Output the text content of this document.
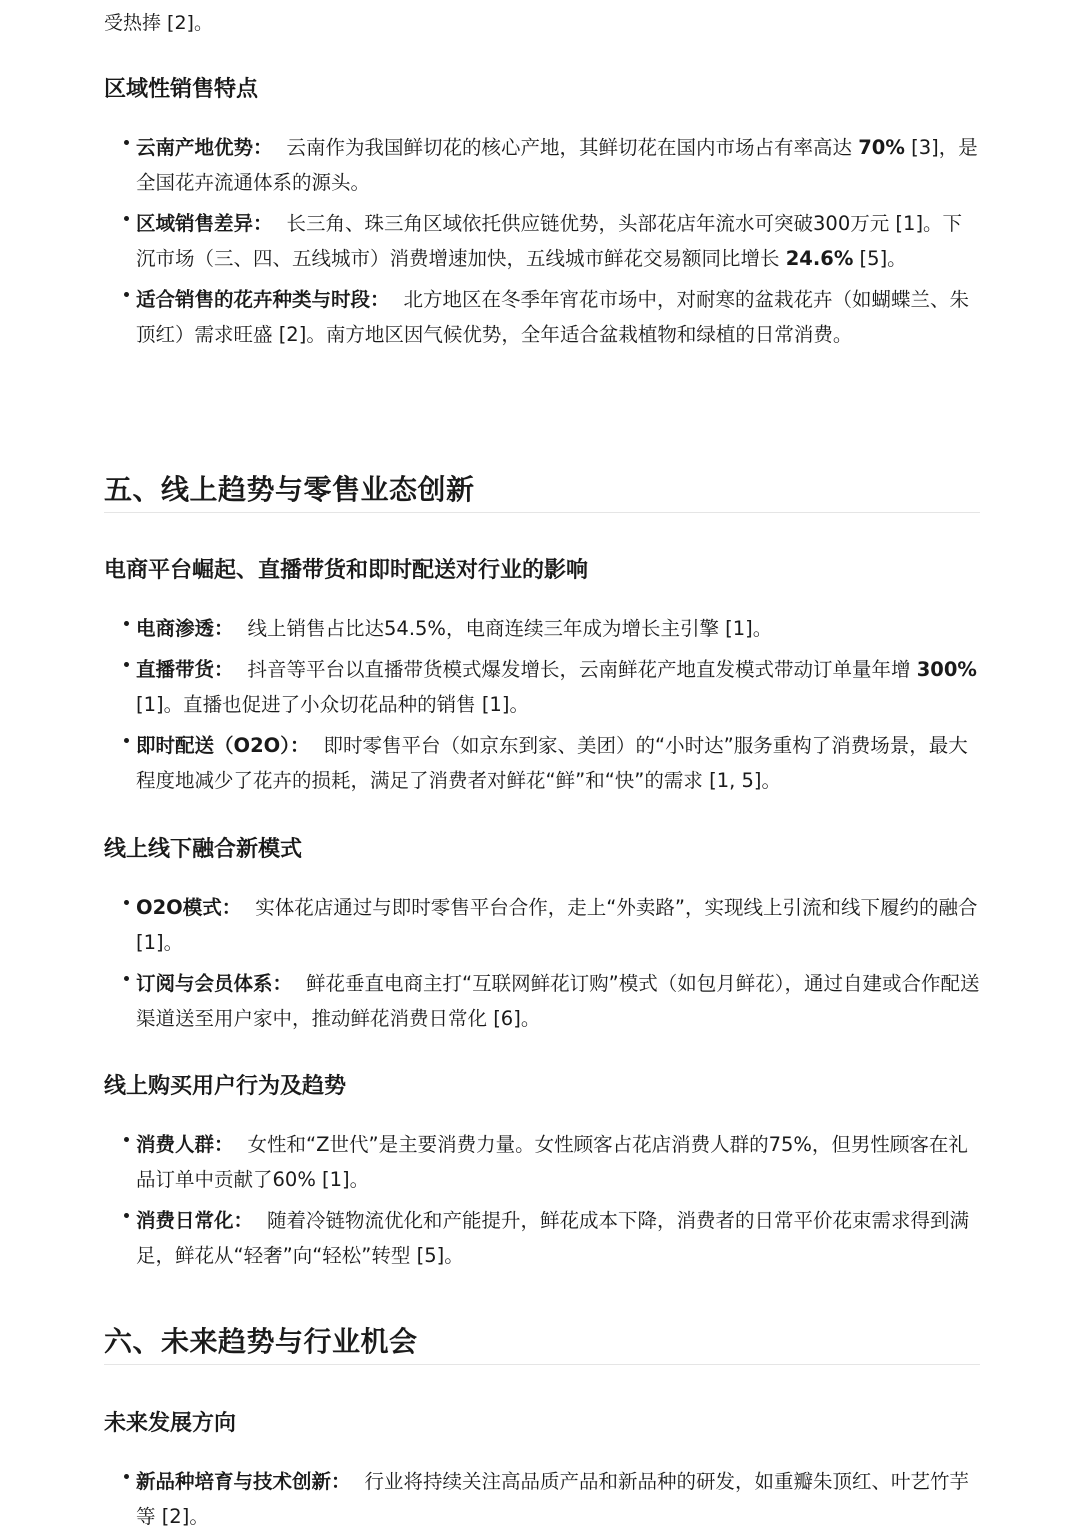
受热捧 [2]。

区域性销售特点
云南产地优势： 云南作为我国鲜切花的核心产地，其鲜切花在国内市场占有率高达 70% [3]，是全国花卉流通体系的源头。
区域销售差异： 长三角、珠三角区域依托供应链优势，头部花店年流水可突破300万元 [1]。下沉市场（三、四、五线城市）消费增速加快，五线城市鲜花交易额同比增长 24.6% [5]。
适合销售的花卉种类与时段： 北方地区在冬季年宵花市场中，对耐寒的盆栽花卉（如蝴蝶兰、朱顶红）需求旺盛 [2]。南方地区因气候优势，全年适合盆栽植物和绿植的日常消费。
五、线上趋势与零售业态创新
电商平台崛起、直播带货和即时配送对行业的影响
电商渗透： 线上销售占比达54.5%，电商连续三年成为增长主引擎 [1]。
直播带货： 抖音等平台以直播带货模式爆发增长，云南鲜花产地直发模式带动订单量年增 300% [1]。直播也促进了小众切花品种的销售 [1]。
即时配送（O2O）： 即时零售平台（如京东到家、美团）的“小时达”服务重构了消费场景，最大程度地减少了花卉的损耗，满足了消费者对鲜花“鲜”和“快”的需求 [1, 5]。
线上线下融合新模式
O2O模式： 实体花店通过与即时零售平台合作，走上“外卖路”，实现线上引流和线下履约的融合 [1]。
订阅与会员体系： 鲜花垂直电商主打“互联网鲜花订购”模式（如包月鲜花），通过自建或合作配送渠道送至用户家中，推动鲜花消费日常化 [6]。
线上购买用户行为及趋势
消费人群： 女性和“Z世代”是主要消费力量。女性顾客占花店消费人群的75%，但男性顾客在礼品订单中贡献了60% [1]。
消费日常化： 随着冷链物流优化和产能提升，鲜花成本下降，消费者的日常平价花束需求得到满足，鲜花从“轻奢”向“轻松”转型 [5]。
六、未来趋势与行业机会
未来发展方向
新品种培育与技术创新： 行业将持续关注高品质产品和新品种的研发，如重瓣朱顶红、叶艺竹芋等 [2]。
